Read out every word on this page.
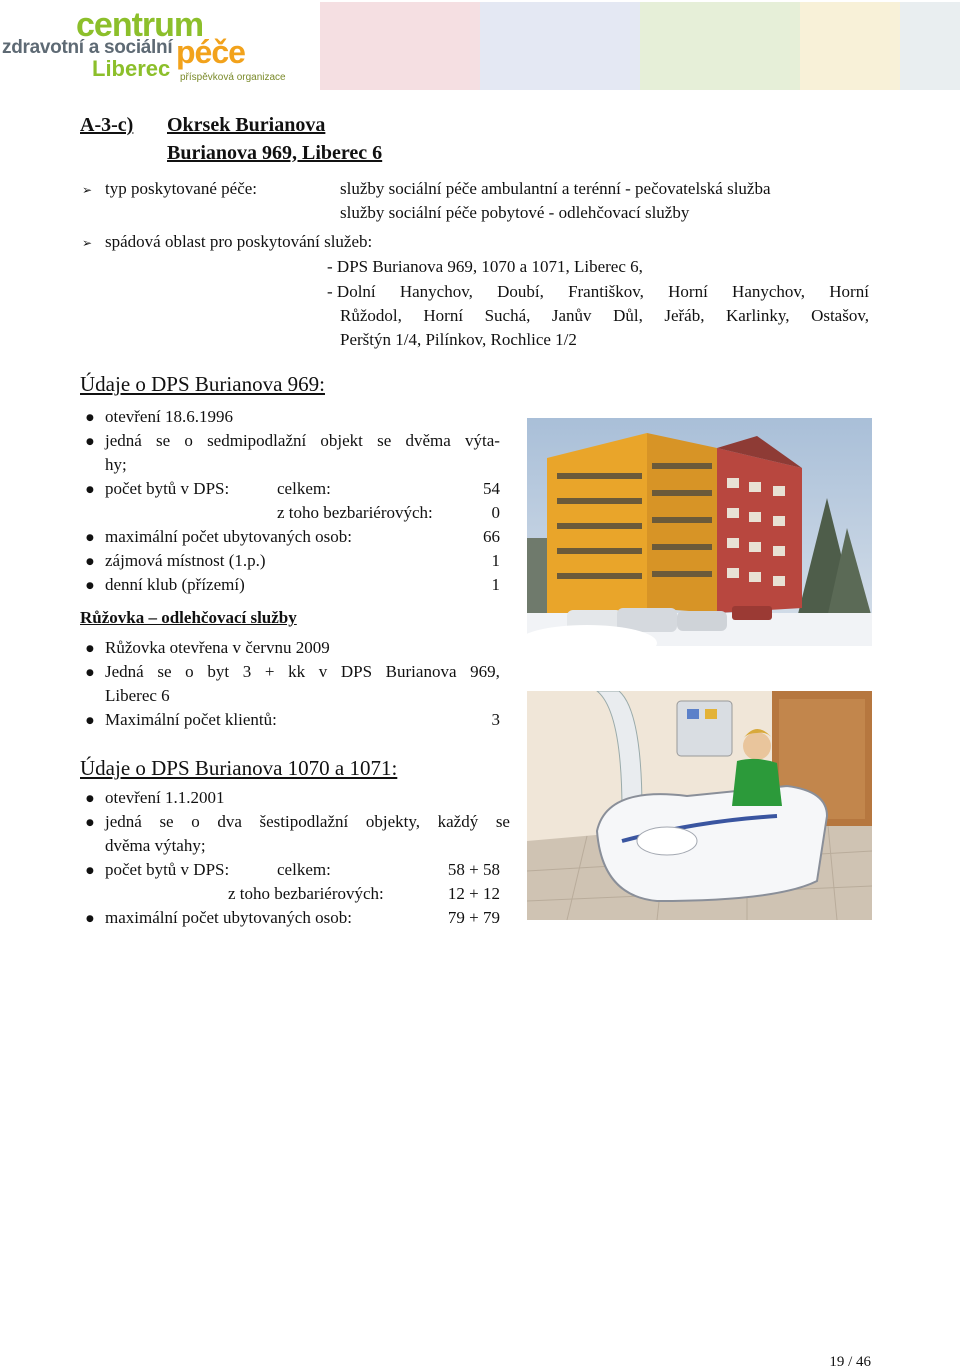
centrum
zdravotní a sociální péče
Liberec příspěvková organizace
A-3-c) Okrsek Burianova
Burianova 969, Liberec 6
➢ typ poskytované péče:	služby sociální péče ambulantní a terénní - pečovatelská služba
služby sociální péče pobytové - odlehčovací služby
➢ spádová oblast pro poskytování služeb:
- DPS Burianova 969, 1070 a 1071, Liberec 6,
- Dolní Hanychov, Doubí, Františkov, Horní Hanychov, Horní
Růžodol, Horní Suchá, Janův Důl, Jeřáb, Karlinky, Ostašov,
Perštýn 1/4, Pilínkov, Rochlice 1/2
Údaje o DPS Burianova 969:
● otevření 18.6.1996
● jedná se o sedmipodlažní objekt se dvěma výta-
hy;
● počet bytů v DPS:	celkem:	54
z toho bezbariérových:	0
● maximální počet ubytovaných osob:	66
● zájmová místnost (1.p.)	1
● denní klub (přízemí)	1
Růžovka – odlehčovací služby
● Růžovka otevřena v červnu 2009
● Jedná se o byt 3 + kk v DPS Burianova 969,
Liberec 6
● Maximální počet klientů:	3
Údaje o DPS Burianova 1070 a 1071:
● otevření 1.1.2001
● jedná se o dva šestipodlažní objekty, každý se
dvěma výtahy;
● počet bytů v DPS:	celkem:	58 + 58
z toho bezbariérových:	12 + 12
● maximální počet ubytovaných osob:	79 + 79
19 / 46
